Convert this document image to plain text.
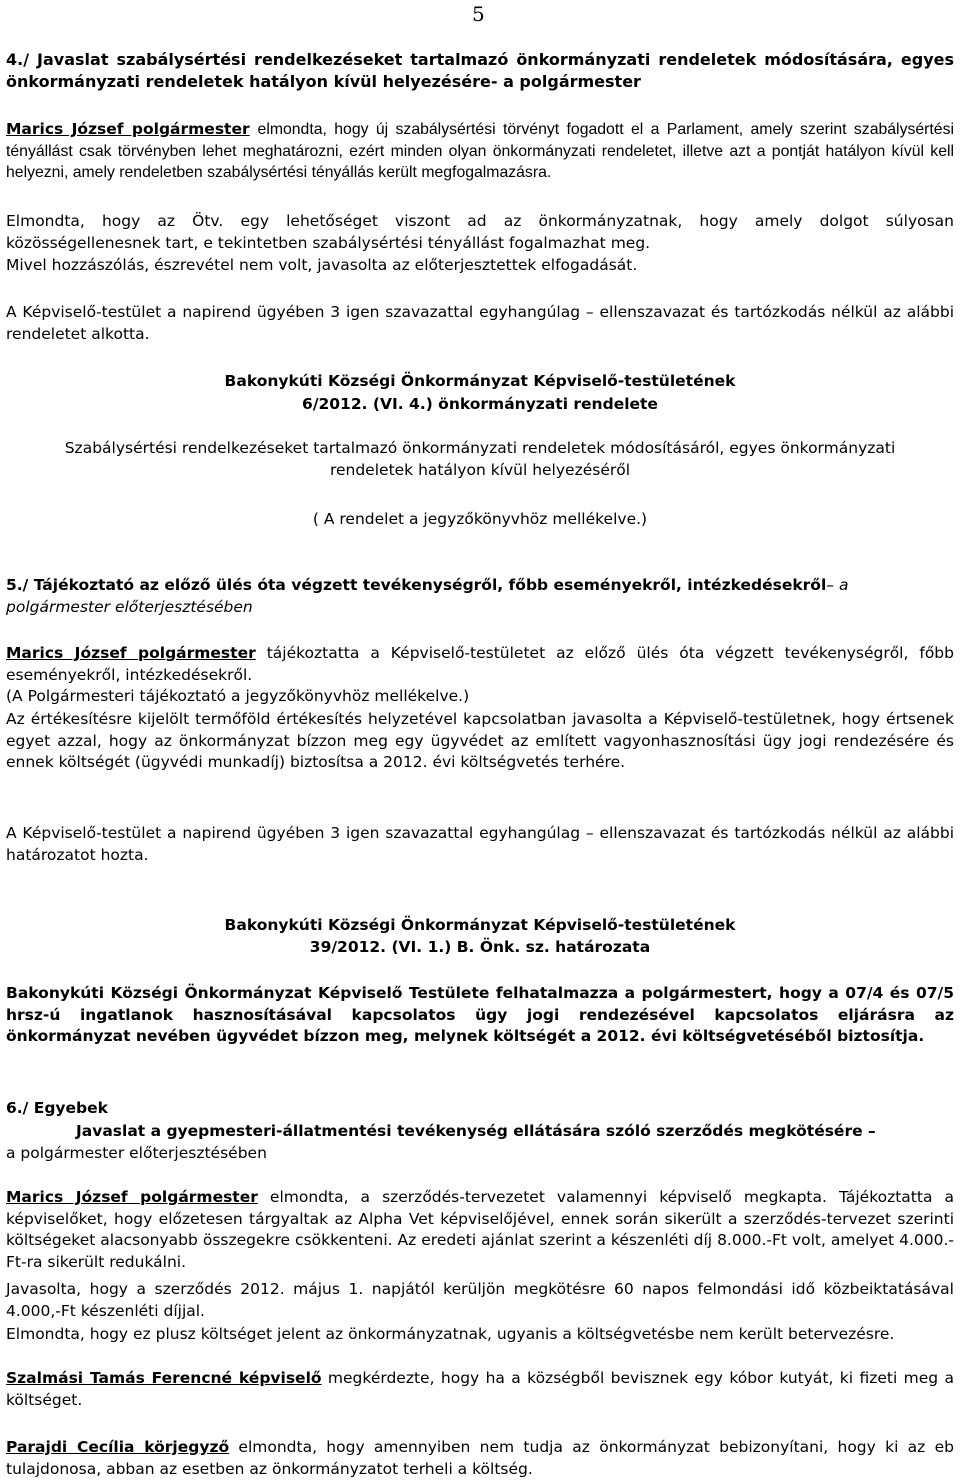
5
4./ Javaslat szabálysértési rendelkezéseket tartalmazó önkormányzati rendeletek módosítására, egyes önkormányzati rendeletek hatályon kívül helyezésére- a polgármester

Marics József polgármester elmondta, hogy új szabálysértési törvényt fogadott el a Parlament, amely szerint szabálysértési tényállást csak törvényben lehet meghatározni, ezért minden olyan önkormányzati rendeletet, illetve azt a pontját hatályon kívül kell helyezni, amely rendeletben szabálysértési tényállás került megfogalmazásra.

Elmondta, hogy az Ötv. egy lehetőséget viszont ad az önkormányzatnak, hogy amely dolgot súlyosan közösségellenesnek tart, e tekintetben szabálysértési tényállást fogalmazhat meg.

Mivel hozzászólás, észrevétel nem volt, javasolta az előterjesztettek elfogadását.

A Képviselő-testület a napirend ügyében 3 igen szavazattal egyhangúlag – ellenszavazat és tartózkodás nélkül az alábbi rendeletet alkotta.

Bakonykúti Községi Önkormányzat Képviselő-testületének

6/2012. (VI. 4.) önkormányzati rendelete

Szabálysértési rendelkezéseket tartalmazó önkormányzati rendeletek módosításáról, egyes önkormányzati rendeletek hatályon kívül helyezéséről

( A rendelet a jegyzőkönyvhöz mellékelve.)

5./ Tájékoztató az előző ülés óta végzett tevékenységről, főbb eseményekről, intézkedésekről– a polgármester előterjesztésében

Marics József polgármester tájékoztatta a Képviselő-testületet az előző ülés óta végzett tevékenységről, főbb eseményekről, intézkedésekről.

(A Polgármesteri tájékoztató a jegyzőkönyvhöz mellékelve.)

Az értékesítésre kijelölt termőföld értékesítés helyzetével kapcsolatban javasolta a Képviselő-testületnek, hogy értsenek egyet azzal, hogy az önkormányzat bízzon meg egy ügyvédet az említett vagyonhasznosítási ügy jogi rendezésére és ennek költségét (ügyvédi munkadíj) biztosítsa a 2012. évi költségvetés terhére.

A Képviselő-testület a napirend ügyében 3 igen szavazattal egyhangúlag – ellenszavazat és tartózkodás nélkül az alábbi határozatot hozta.

Bakonykúti Községi Önkormányzat Képviselő-testületének

39/2012. (VI. 1.) B. Önk. sz. határozata

Bakonykúti Községi Önkormányzat Képviselő Testülete felhatalmazza a polgármestert, hogy a 07/4 és 07/5 hrsz-ú ingatlanok hasznosításával kapcsolatos ügy jogi rendezésével kapcsolatos eljárásra az önkormányzat nevében ügyvédet bízzon meg, melynek költségét a 2012. évi költségvetéséből biztosítja.

6./ Egyebek

Javaslat a gyepmesteri-állatmentési tevékenység ellátására szóló szerződés megkötésére –

a polgármester előterjesztésében

Marics József polgármester elmondta, a szerződés-tervezetet valamennyi képviselő megkapta. Tájékoztatta a képviselőket, hogy előzetesen tárgyaltak az Alpha Vet képviselőjével, ennek során sikerült a szerződés-tervezet szerinti költségeket alacsonyabb összegekre csökkenteni. Az eredeti ajánlat szerint a készenléti díj 8.000.-Ft volt, amelyet 4.000.-Ft-ra sikerült redukálni.

Javasolta, hogy a szerződés 2012. május 1. napjától kerüljön megkötésre 60 napos felmondási idő közbeiktatásával 4.000,-Ft készenléti díjjal.

Elmondta, hogy ez plusz költséget jelent az önkormányzatnak, ugyanis a költségvetésbe nem került betervezésre.

Szalmási Tamás Ferencné képviselő megkérdezte, hogy ha a községből bevisznek egy kóbor kutyát, ki fizeti meg a költséget.

Parajdi Cecília körjegyző elmondta, hogy amennyiben nem tudja az önkormányzat bebizonyítani, hogy ki az eb tulajdonosa, abban az esetben az önkormányzatot terheli a költség.
